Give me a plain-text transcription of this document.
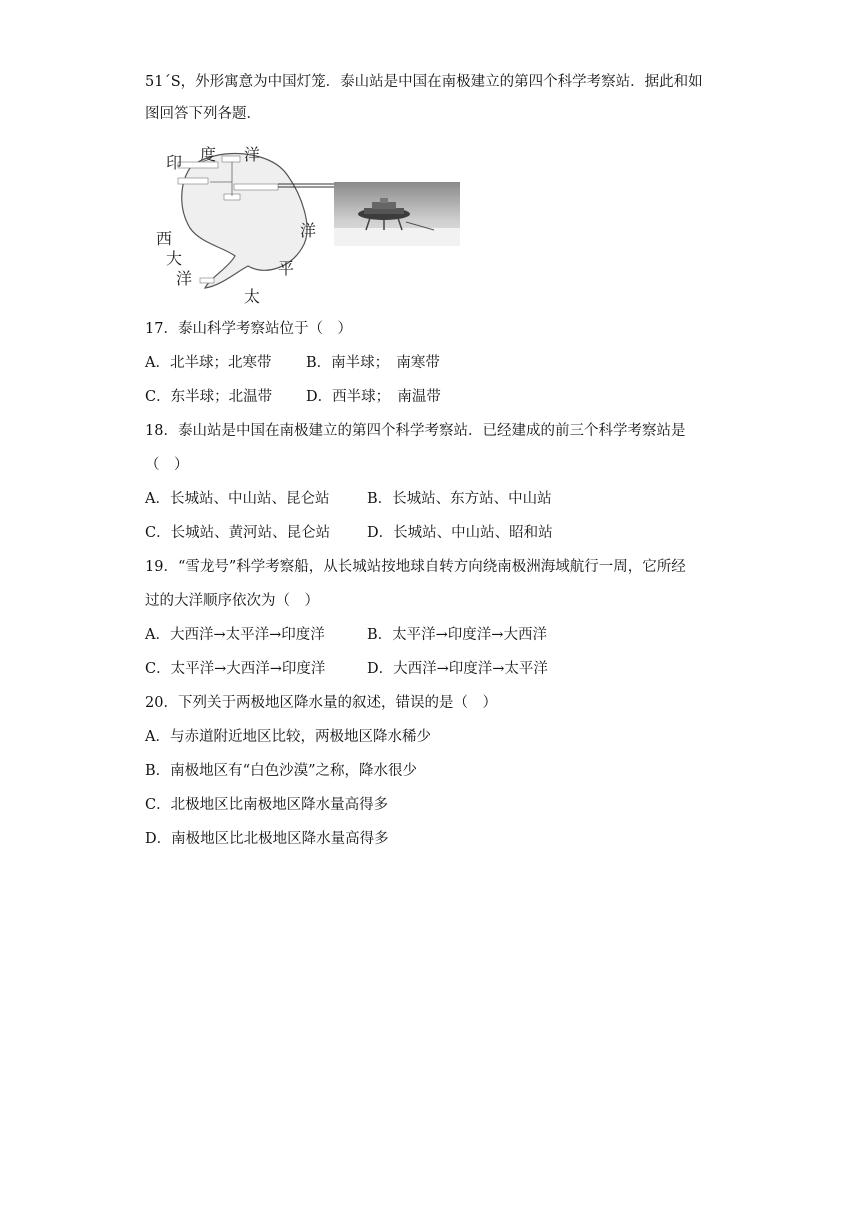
51´S，外形寓意为中国灯笼．泰山站是中国在南极建立的第四个科学考察站．据此和如
图回答下列各题．
印 度 洋
洋
西
大
洋
平
太
17．泰山科学考察站位于（　）
A．北半球；北寒带 B．南半球；　南寒带
C．东半球；北温带 D．西半球；　南温带
18．泰山站是中国在南极建立的第四个科学考察站．已经建成的前三个科学考察站是
（　）
A．长城站、中山站、昆仑站	B．长城站、东方站、中山站
C．长城站、黄河站、昆仑站	D．长城站、中山站、昭和站
19．“雪龙号”科学考察船，从长城站按地球自转方向绕南极洲海域航行一周，它所经
过的大洋顺序依次为（　）
A．大西洋→太平洋→印度洋	B．太平洋→印度洋→大西洋
C．太平洋→大西洋→印度洋	D．大西洋→印度洋→太平洋
20．下列关于两极地区降水量的叙述，错误的是（　）
A．与赤道附近地区比较，两极地区降水稀少
B．南极地区有“白色沙漠”之称，降水很少
C．北极地区比南极地区降水量高得多
D．南极地区比北极地区降水量高得多
